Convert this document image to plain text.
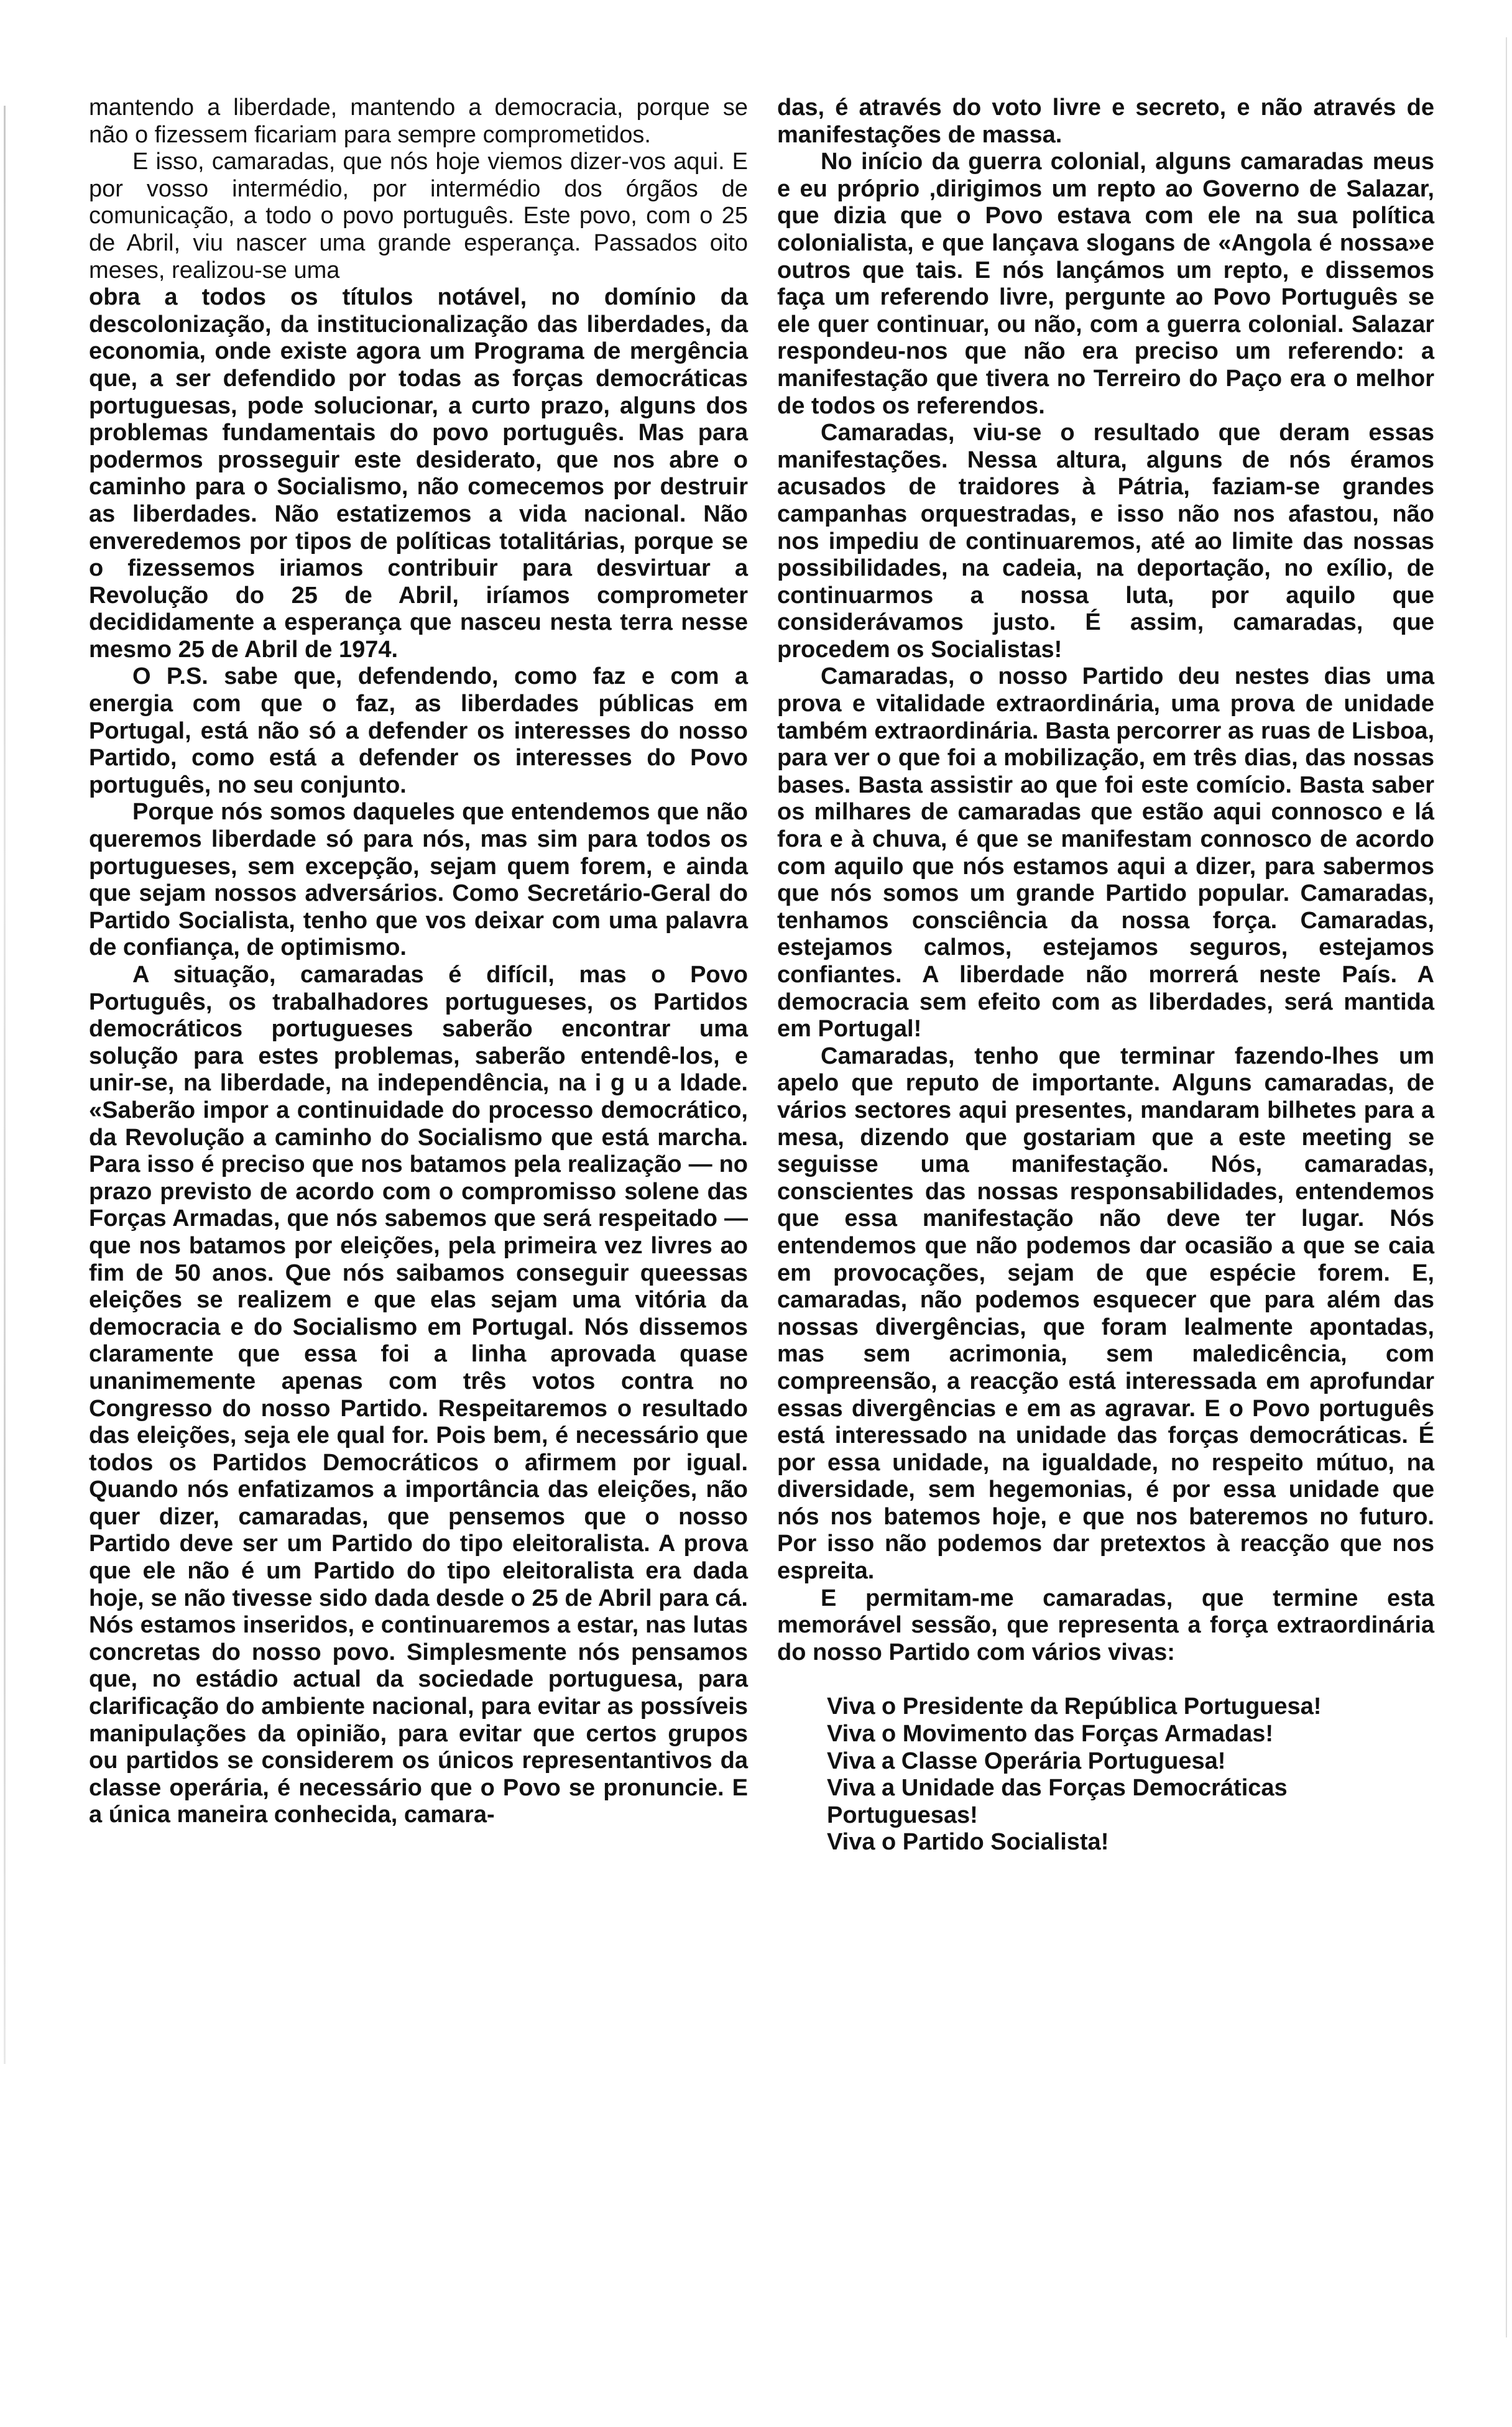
mantendo a liberdade, mantendo a democracia, porque se não o fizessem ficariam para sempre comprometidos.

E isso, camaradas, que nós hoje viemos dizer-vos aqui. E por vosso intermédio, por intermédio dos órgãos de comunicação, a todo o povo português. Este povo, com o 25 de Abril, viu nascer uma grande esperança. Passados oito meses, realizou-se uma

obra a todos os títulos notável, no domínio da descolonização, da institucionalização das liberdades, da economia, onde existe agora um Programa de mergência que, a ser defendido por todas as forças democráticas portuguesas, pode solucionar, a curto prazo, alguns dos problemas fundamentais do povo português. Mas para podermos prosseguir este desiderato, que nos abre o caminho para o Socialismo, não comecemos por destruir as liberdades. Não estatizemos a vida nacional. Não enveredemos por tipos de políticas totalitárias, porque se o fizessemos iriamos contribuir para desvirtuar a Revolução do 25 de Abril, iríamos comprometer decididamente a esperança que nasceu nesta terra nesse mesmo 25 de Abril de 1974.

O P.S. sabe que, defendendo, como faz e com a energia com que o faz, as liberdades públicas em Portugal, está não só a defender os interesses do nosso Partido, como está a defender os interesses do Povo português, no seu conjunto.

Porque nós somos daqueles que entendemos que não queremos liberdade só para nós, mas sim para todos os portugueses, sem excepção, sejam quem forem, e ainda que sejam nossos adversários. Como Secretário-Geral do Partido Socialista, tenho que vos deixar com uma palavra de confiança, de optimismo.

A situação, camaradas é difícil, mas o Povo Português, os trabalhadores portugueses, os Partidos democráticos portugueses saberão encontrar uma solução para estes problemas, saberão entendê-los, e unir-se, na liberdade, na independência, na i g u a ldade. «Saberão impor a continuidade do processo democrático, da Revolução a caminho do Socialismo que está marcha. Para isso é preciso que nos batamos pela realização — no prazo previsto de acordo com o compromisso solene das Forças Armadas, que nós sabemos que será respeitado — que nos batamos por eleições, pela primeira vez livres ao fim de 50 anos. Que nós saibamos conseguir queessas eleições se realizem e que elas sejam uma vitória da democracia e do Socialismo em Portugal. Nós dissemos claramente que essa foi a linha aprovada quase unanimemente apenas com três votos contra no Congresso do nosso Partido. Respeitaremos o resultado das eleições, seja ele qual for. Pois bem, é necessário que todos os Partidos Democráticos o afirmem por igual. Quando nós enfatizamos a importância das eleições, não quer dizer, camaradas, que pensemos que o nosso Partido deve ser um Partido do tipo eleitoralista. A prova que ele não é um Partido do tipo eleitoralista era dada hoje, se não tivesse sido dada desde o 25 de Abril para cá. Nós estamos inseridos, e continuaremos a estar, nas lutas concretas do nosso povo. Simplesmente nós pensamos que, no estádio actual da sociedade portuguesa, para clarificação do ambiente nacional, para evitar as possíveis manipulações da opinião, para evitar que certos grupos ou partidos se considerem os únicos representantivos da classe operária, é necessário que o Povo se pronuncie. E a única maneira conhecida, camara-

das, é através do voto livre e secreto, e não através de manifestações de massa.

No início da guerra colonial, alguns camaradas meus e eu próprio ,dirigimos um repto ao Governo de Salazar, que dizia que o Povo estava com ele na sua política colonialista, e que lançava slogans de «Angola é nossa»e outros que tais. E nós lançámos um repto, e dissemos faça um referendo livre, pergunte ao Povo Português se ele quer continuar, ou não, com a guerra colonial. Salazar respondeu-nos que não era preciso um referendo: a manifestação que tivera no Terreiro do Paço era o melhor de todos os referendos.

Camaradas, viu-se o resultado que deram essas manifestações. Nessa altura, alguns de nós éramos acusados de traidores à Pátria, faziam-se grandes campanhas orquestradas, e isso não nos afastou, não nos impediu de continuaremos, até ao limite das nossas possibilidades, na cadeia, na deportação, no exílio, de continuarmos a nossa luta, por aquilo que considerávamos justo. É assim, camaradas, que procedem os Socialistas!

Camaradas, o nosso Partido deu nestes dias uma prova e vitalidade extraordinária, uma prova de unidade também extraordinária. Basta percorrer as ruas de Lisboa, para ver o que foi a mobilização, em três dias, das nossas bases. Basta assistir ao que foi este comício. Basta saber os milhares de camaradas que estão aqui connosco e lá fora e à chuva, é que se manifestam connosco de acordo com aquilo que nós estamos aqui a dizer, para sabermos que nós somos um grande Partido popular. Camaradas, tenhamos consciência da nossa força. Camaradas, estejamos calmos, estejamos seguros, estejamos confiantes. A liberdade não morrerá neste País. A democracia sem efeito com as liberdades, será mantida em Portugal!

Camaradas, tenho que terminar fazendo-lhes um apelo que reputo de importante. Alguns camaradas, de vários sectores aqui presentes, mandaram bilhetes para a mesa, dizendo que gostariam que a este meeting se seguisse uma manifestação. Nós, camaradas, conscientes das nossas responsabilidades, entendemos que essa manifestação não deve ter lugar. Nós entendemos que não podemos dar ocasião a que se caia em provocações, sejam de que espécie forem. E, camaradas, não podemos esquecer que para além das nossas divergências, que foram lealmente apontadas, mas sem acrimonia, sem maledicência, com compreensão, a reacção está interessada em aprofundar essas divergências e em as agravar. E o Povo português está interessado na unidade das forças democráticas. É por essa unidade, na igualdade, no respeito mútuo, na diversidade, sem hegemonias, é por essa unidade que nós nos batemos hoje, e que nos bateremos no futuro. Por isso não podemos dar pretextos à reacção que nos espreita.

E permitam-me camaradas, que termine esta memorável sessão, que representa a força extraordinária do nosso Partido com vários vivas:

Viva o Presidente da República Portuguesa!

Viva o Movimento das Forças Armadas!

Viva a Classe Operária Portuguesa!

Viva a Unidade das Forças Democráticas Portuguesas!

Viva o Partido Socialista!
